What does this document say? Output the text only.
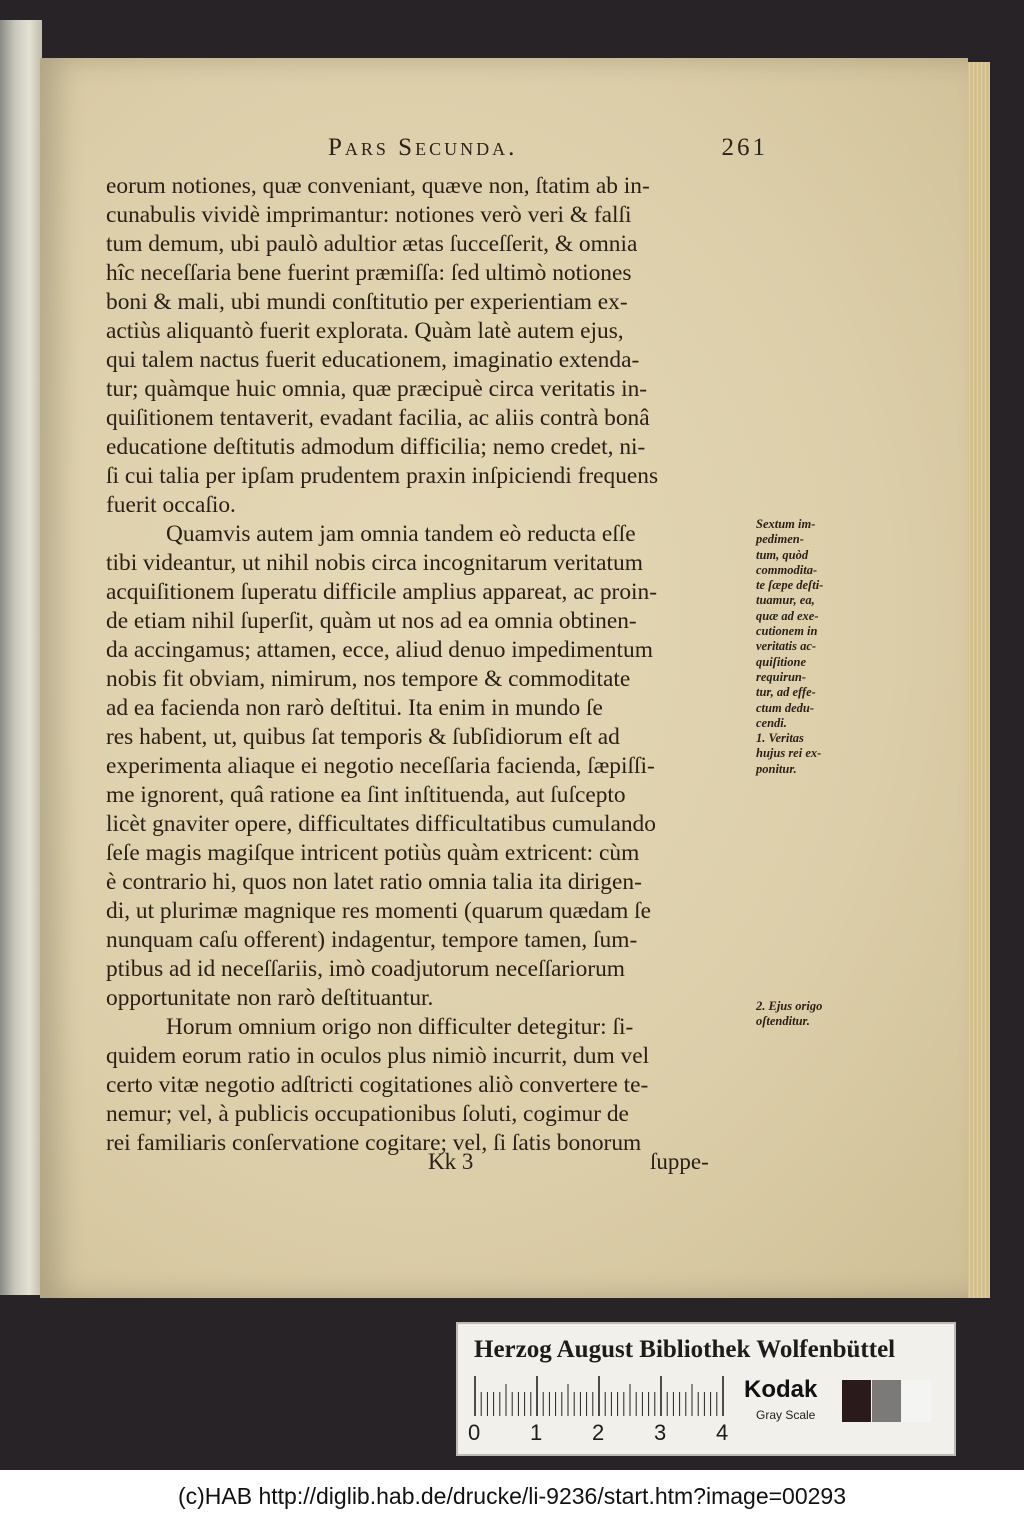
Pars Secunda.	261
eorum notiones, quæ conveniant, quæve non, ſtatim ab in-
cunabulis vividè imprimantur: notiones verò veri & falſi
tum demum, ubi paulò adultior ætas ſucceſſerit, & omnia
hîc neceſſaria bene fuerint præmiſſa: ſed ultimò notiones
boni & mali, ubi mundi conſtitutio per experientiam ex-
actiùs aliquantò fuerit explorata. Quàm latè autem ejus,
qui talem nactus fuerit educationem, imaginatio extenda-
tur; quàmque huic omnia, quæ præcipuè circa veritatis in-
quiſitionem tentaverit, evadant facilia, ac aliis contrà bonâ
educatione deſtitutis admodum difficilia; nemo credet, ni-
ſi cui talia per ipſam prudentem praxin inſpiciendi frequens
fuerit occaſio.
Quamvis autem jam omnia tandem eò reducta eſſe
tibi videantur, ut nihil nobis circa incognitarum veritatum
acquiſitionem ſuperatu difficile amplius appareat, ac proin-
de etiam nihil ſuperſit, quàm ut nos ad ea omnia obtinen-
da accingamus; attamen, ecce, aliud denuo impedimentum
nobis fit obviam, nimirum, nos tempore & commoditate
ad ea facienda non rarò deſtitui. Ita enim in mundo ſe
res habent, ut, quibus ſat temporis & ſubſidiorum eſt ad
experimenta aliaque ei negotio neceſſaria facienda, ſæpiſſi-
me ignorent, quâ ratione ea ſint inſtituenda, aut ſuſcepto
licèt gnaviter opere, difficultates difficultatibus cumulando
ſeſe magis magiſque intricent potiùs quàm extricent: cùm
è contrario hi, quos non latet ratio omnia talia ita dirigen-
di, ut plurimæ magnique res momenti (quarum quædam ſe
nunquam caſu offerent) indagentur, tempore tamen, ſum-
ptibus ad id neceſſariis, imò coadjutorum neceſſariorum
opportunitate non rarò deſtituantur.
Horum omnium origo non difficulter detegitur: ſi-
quidem eorum ratio in oculos plus nimiò incurrit, dum vel
certo vitæ negotio adſtricti cogitationes aliò convertere te-
nemur; vel, à publicis occupationibus ſoluti, cogimur de
rei familiaris conſervatione cogitare; vel, ſi ſatis bonorum
Sextum im-
pedimen-
tum, quòd
commodita-
te ſæpe deſti-
tuamur, ea,
quæ ad exe-
cutionem in
veritatis ac-
quiſitione
requirun-
tur, ad effe-
ctum dedu-
cendi.
1. Veritas
hujus rei ex-
ponitur.
2. Ejus origo
oſtenditur.
Kk 3	ſuppe-
Herzog August Bibliothek Wolfenbüttel
0 1 2 3 4
Kodak
Gray Scale
(c)HAB http://diglib.hab.de/drucke/li-9236/start.htm?image=00293
